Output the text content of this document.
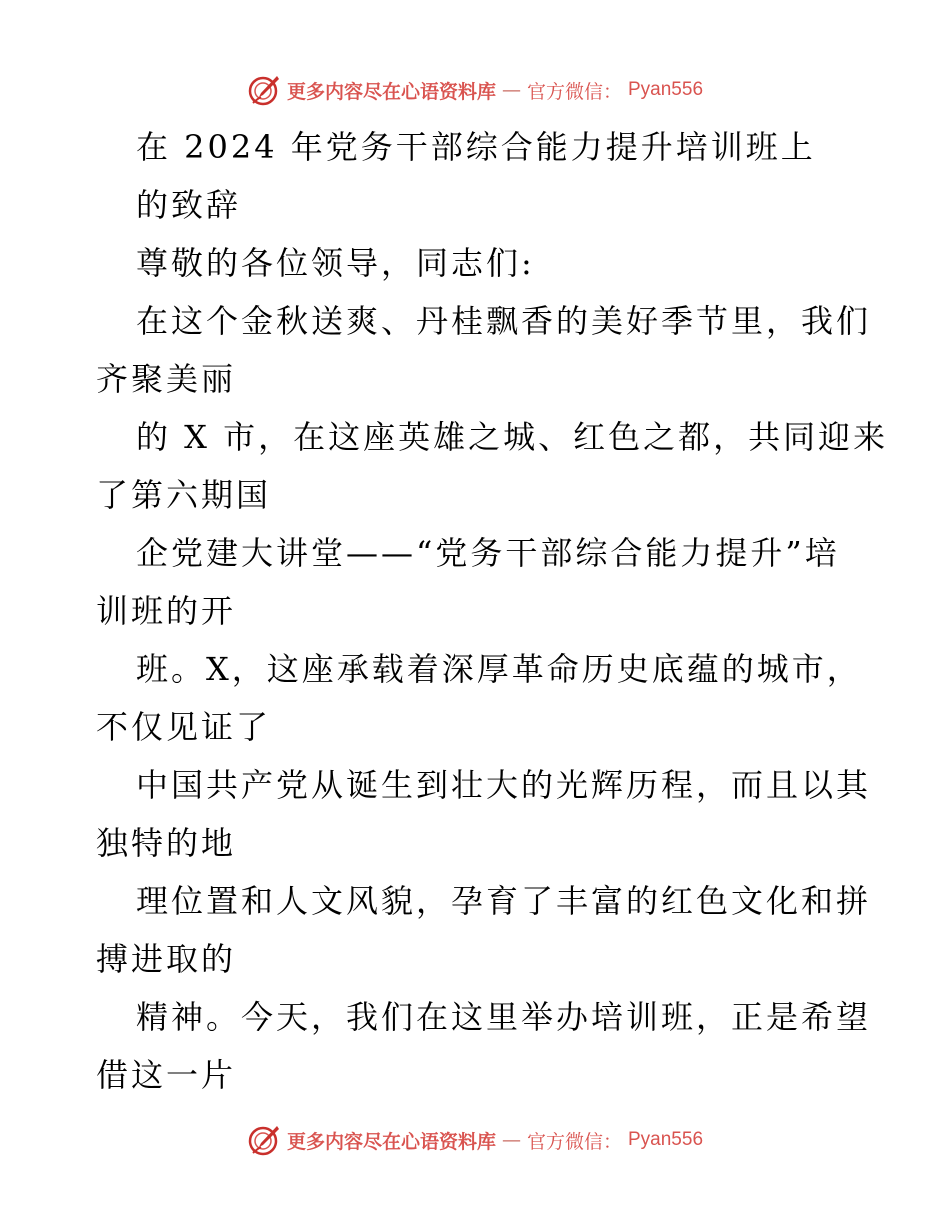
更多内容尽在心语资料库 — 官方微信： Pyan556
在 2024 年党务干部综合能力提升培训班上
的致辞
尊敬的各位领导，同志们:
在这个金秋送爽、丹桂飘香的美好季节里，我们
齐聚美丽
的 X 市，在这座英雄之城、红色之都，共同迎来
了第六期国
企党建大讲堂——“党务干部综合能力提升”培
训班的开
班。X，这座承载着深厚革命历史底蕴的城市，
不仅见证了
中国共产党从诞生到壮大的光辉历程，而且以其
独特的地
理位置和人文风貌，孕育了丰富的红色文化和拼
搏进取的
精神。今天，我们在这里举办培训班，正是希望
借这一片
更多内容尽在心语资料库 — 官方微信： Pyan556
